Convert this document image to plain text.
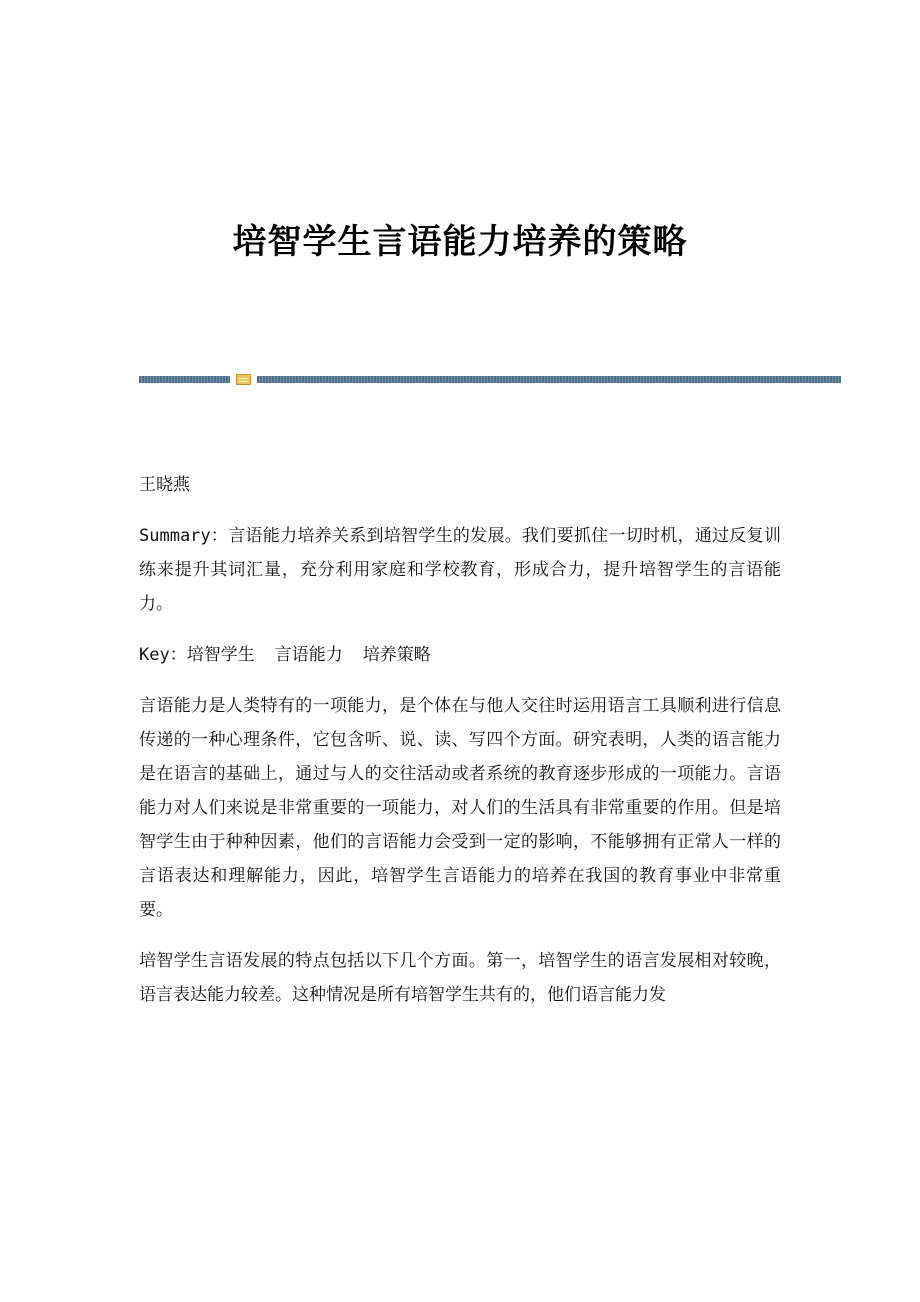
培智学生言语能力培养的策略

王晓燕

Summary：言语能力培养关系到培智学生的发展。我们要抓住一切时机，通过反复训练来提升其词汇量，充分利用家庭和学校教育，形成合力，提升培智学生的言语能力。

Key：培智学生 言语能力 培养策略

言语能力是人类特有的一项能力，是个体在与他人交往时运用语言工具顺利进行信息传递的一种心理条件，它包含听、说、读、写四个方面。研究表明，人类的语言能力是在语言的基础上，通过与人的交往活动或者系统的教育逐步形成的一项能力。言语能力对人们来说是非常重要的一项能力，对人们的生活具有非常重要的作用。但是培智学生由于种种因素，他们的言语能力会受到一定的影响，不能够拥有正常人一样的言语表达和理解能力，因此，培智学生言语能力的培养在我国的教育事业中非常重要。

培智学生言语发展的特点包括以下几个方面。第一，培智学生的语言发展相对较晚，语言表达能力较差。这种情况是所有培智学生共有的，他们语言能力发
